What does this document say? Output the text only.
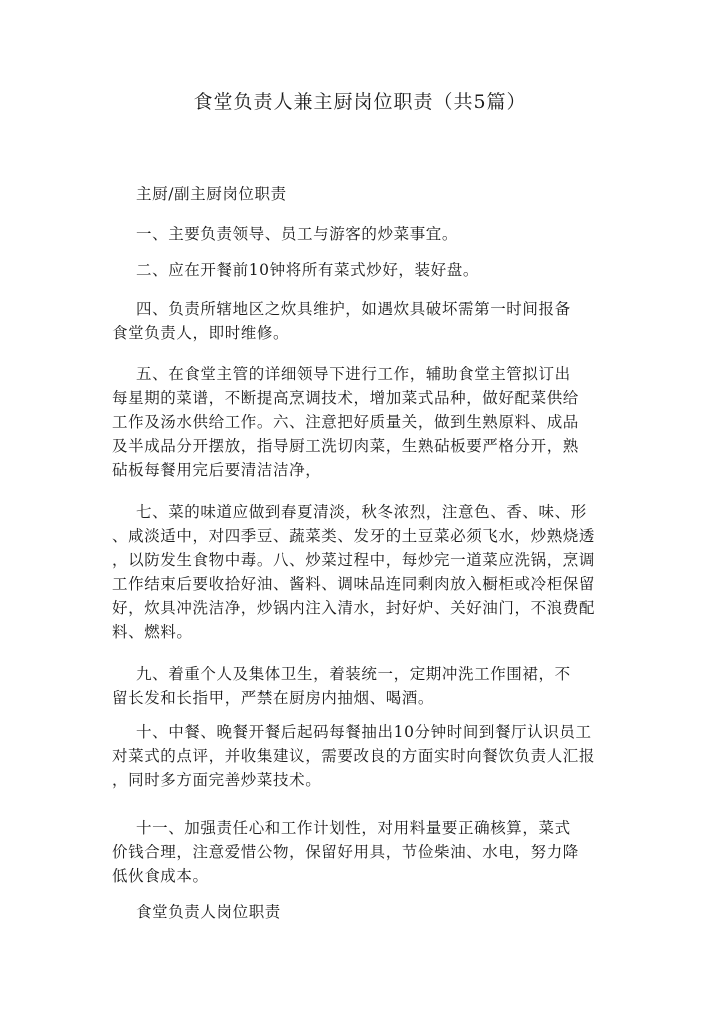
食堂负责人兼主厨岗位职责（共5篇）
主厨/副主厨岗位职责
一、主要负责领导、员工与游客的炒菜事宜。
二、应在开餐前10钟将所有菜式炒好，装好盘。
四、负责所辖地区之炊具维护，如遇炊具破坏需第一时间报备
食堂负责人，即时维修。
五、在食堂主管的详细领导下进行工作，辅助食堂主管拟订出
每星期的菜谱，不断提高烹调技术，增加菜式品种，做好配菜供给
工作及汤水供给工作。六、注意把好质量关，做到生熟原料、成品
及半成品分开摆放，指导厨工洗切肉菜，生熟砧板要严格分开，熟
砧板每餐用完后要清洁洁净，
七、菜的味道应做到春夏清淡，秋冬浓烈，注意色、香、味、形
、咸淡适中，对四季豆、蔬菜类、发牙的土豆菜必须飞水，炒熟烧透
，以防发生食物中毒。八、炒菜过程中，每炒完一道菜应洗锅，烹调
工作结束后要收拾好油、酱料、调味品连同剩肉放入橱柜或冷柜保留
好，炊具冲洗洁净，炒锅内注入清水，封好炉、关好油门，不浪费配
料、燃料。
九、着重个人及集体卫生，着装统一，定期冲洗工作围裙，不
留长发和长指甲，严禁在厨房内抽烟、喝酒。
十、中餐、晚餐开餐后起码每餐抽出10分钟时间到餐厅认识员工
对菜式的点评，并收集建议，需要改良的方面实时向餐饮负责人汇报
，同时多方面完善炒菜技术。
十一、加强责任心和工作计划性，对用料量要正确核算，菜式
价钱合理，注意爱惜公物，保留好用具，节俭柴油、水电，努力降
低伙食成本。
食堂负责人岗位职责
